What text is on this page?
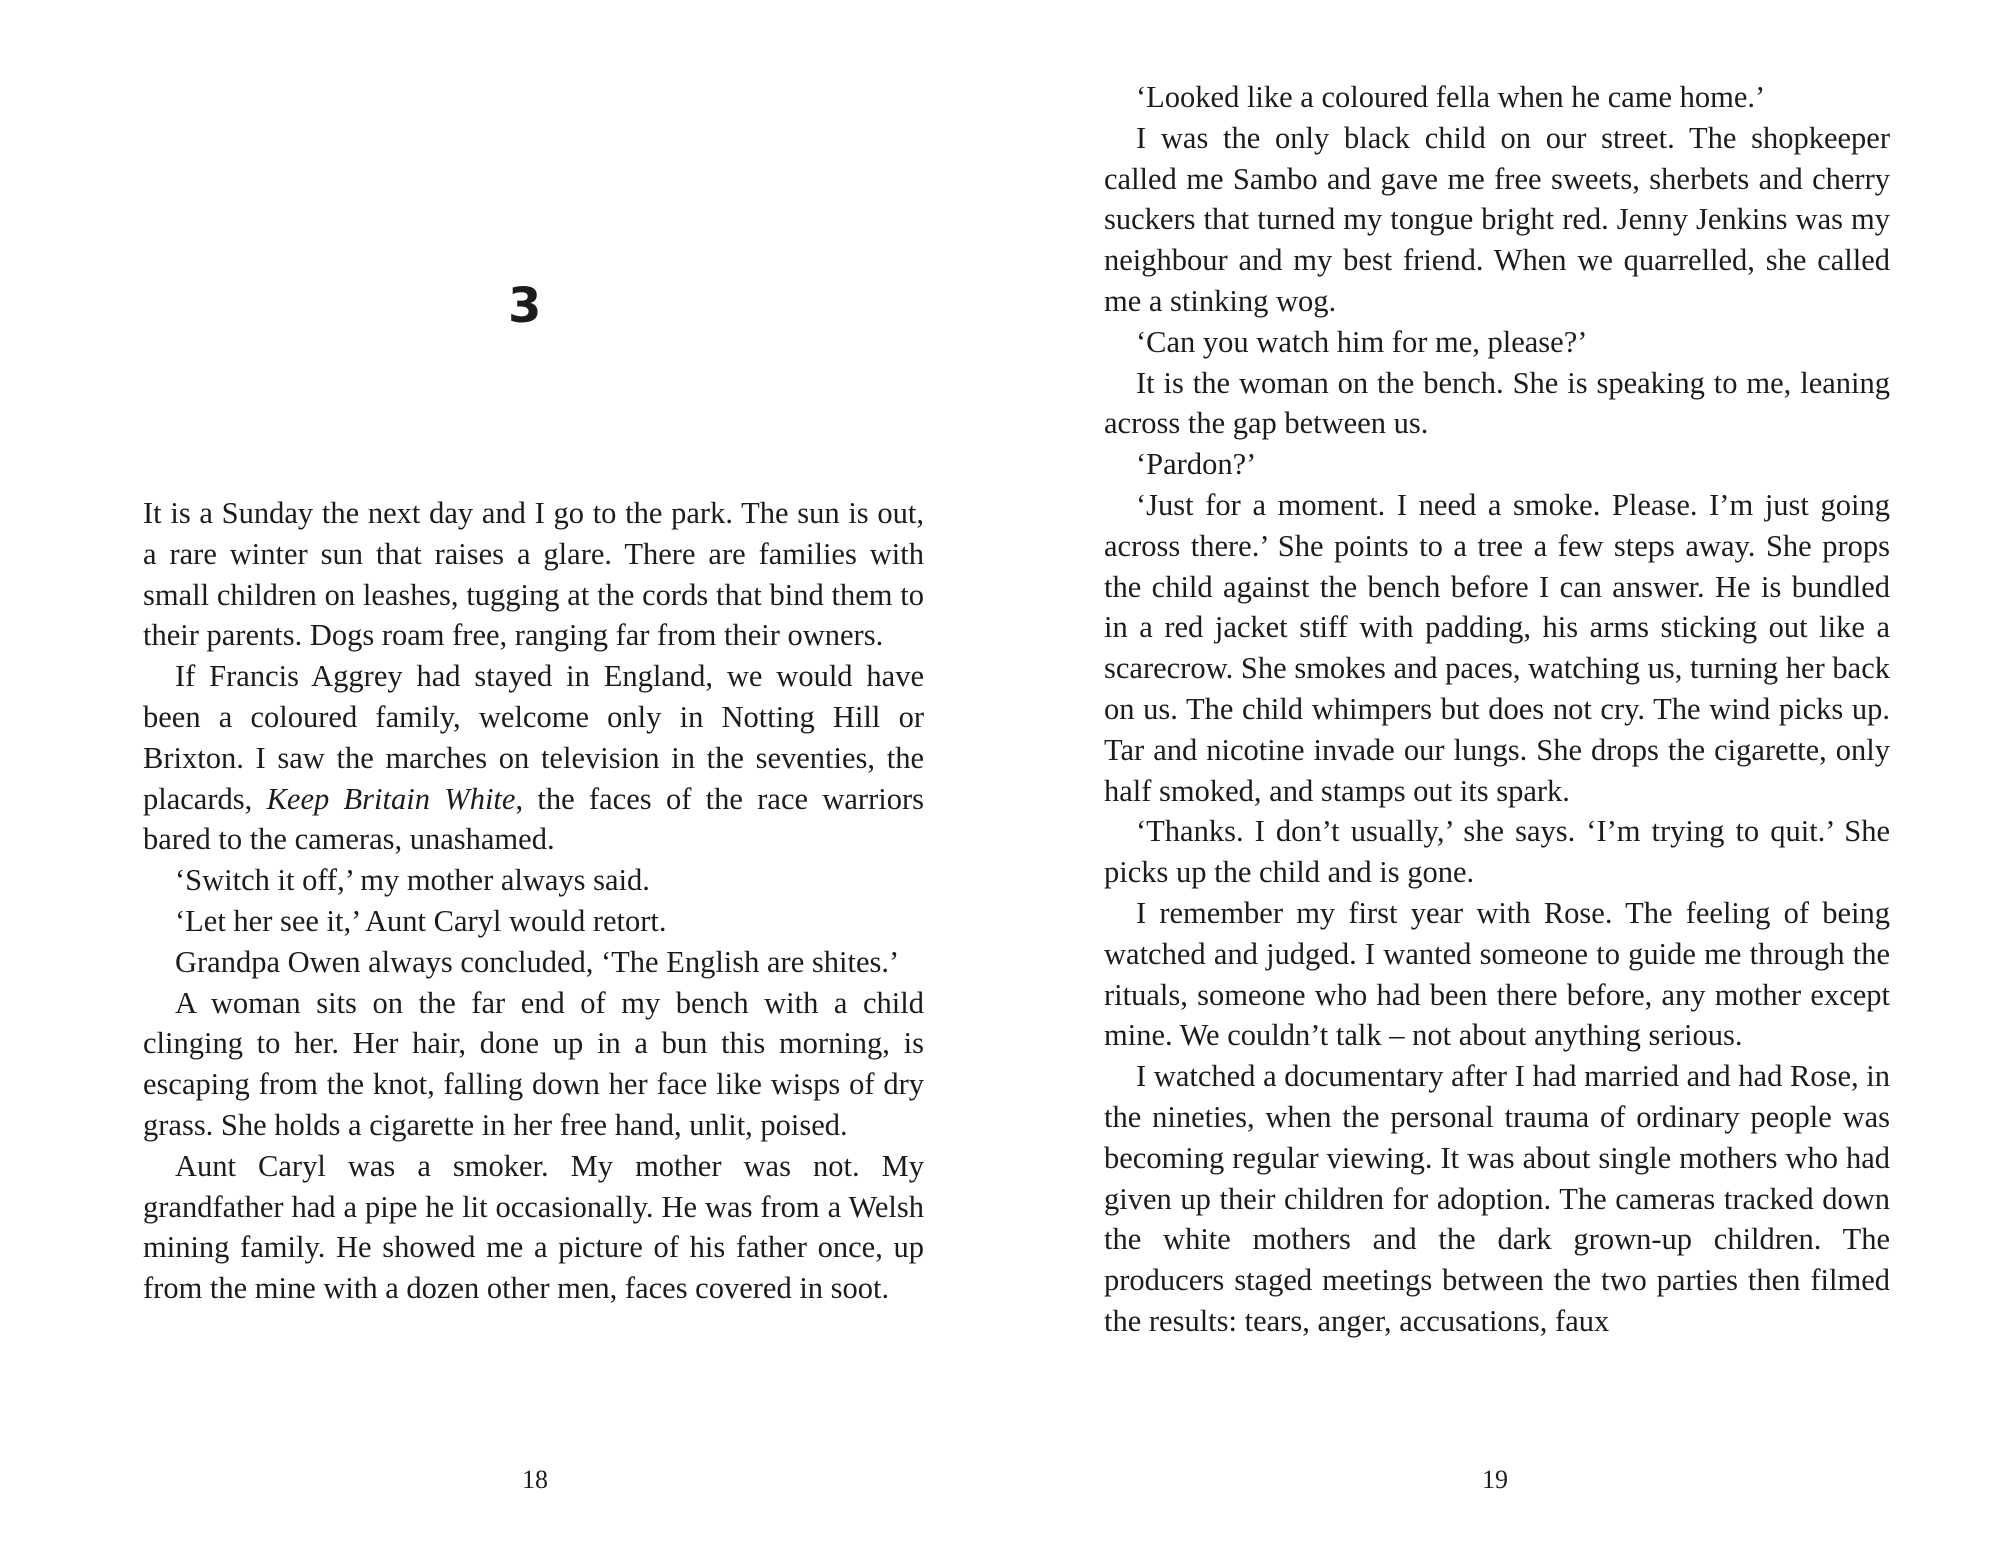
3

It is a Sunday the next day and I go to the park. The sun is out, a rare winter sun that raises a glare. There are families with small children on leashes, tugging at the cords that bind them to their parents. Dogs roam free, ranging far from their owners.

If Francis Aggrey had stayed in England, we would have been a coloured family, welcome only in Notting Hill or Brixton. I saw the marches on television in the seventies, the placards, Keep Britain White, the faces of the race warriors bared to the cameras, unashamed.

‘Switch it off,’ my mother always said.

‘Let her see it,’ Aunt Caryl would retort.

Grandpa Owen always concluded, ‘The English are shites.’

A woman sits on the far end of my bench with a child clinging to her. Her hair, done up in a bun this morning, is escaping from the knot, falling down her face like wisps of dry grass. She holds a cigarette in her free hand, unlit, poised.

Aunt Caryl was a smoker. My mother was not. My grandfather had a pipe he lit occasionally. He was from a Welsh mining family. He showed me a picture of his father once, up from the mine with a dozen other men, faces covered in soot.

18

‘Looked like a coloured fella when he came home.’

I was the only black child on our street. The shopkeeper called me Sambo and gave me free sweets, sherbets and cherry suckers that turned my tongue bright red. Jenny Jenkins was my neighbour and my best friend. When we quarrelled, she called me a stinking wog.

‘Can you watch him for me, please?’

It is the woman on the bench. She is speaking to me, leaning across the gap between us.

‘Pardon?’

‘Just for a moment. I need a smoke. Please. I’m just going across there.’ She points to a tree a few steps away. She props the child against the bench before I can answer. He is bundled in a red jacket stiff with padding, his arms sticking out like a scarecrow. She smokes and paces, watching us, turning her back on us. The child whimpers but does not cry. The wind picks up. Tar and nicotine invade our lungs. She drops the cigarette, only half smoked, and stamps out its spark.

‘Thanks. I don’t usually,’ she says. ‘I’m trying to quit.’ She picks up the child and is gone.

I remember my first year with Rose. The feeling of being watched and judged. I wanted someone to guide me through the rituals, someone who had been there before, any mother except mine. We couldn’t talk – not about anything serious.

I watched a documentary after I had married and had Rose, in the nineties, when the personal trauma of ordinary people was becoming regular viewing. It was about single mothers who had given up their children for adoption. The cameras tracked down the white mothers and the dark grown-up children. The producers staged meetings between the two parties then filmed the results: tears, anger, accusations, faux

19
